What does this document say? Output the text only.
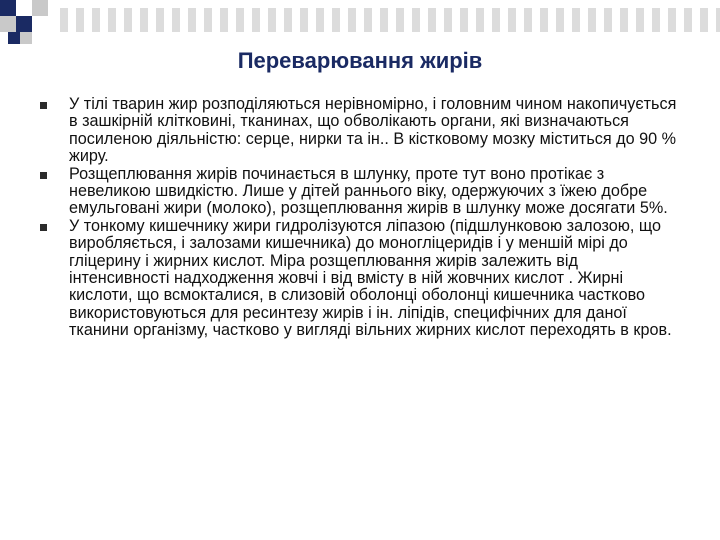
Переварювання жирів
У тілі тварин жир розподіляються нерівномірно, і головним чином накопичується в зашкірній клітковині, тканинах, що обволікають органи, які визначаються посиленою діяльністю: серце, нирки та ін.. В кістковому мозку міститься до 90 % жиру.
Розщеплювання жирів починається в шлунку, проте тут воно протікає з невеликою швидкістю. Лише у дітей раннього віку, одержуючих з їжею добре емульговані жири (молоко), розщеплювання жирів в шлунку може досягати 5%.
У тонкому кишечнику жири гидролізуются ліпазою (підшлунковою залозою, що виробляється, і залозами кишечника) до моногліцеридів і у меншій мірі до гліцерину і жирних кислот. Міра розщеплювання жирів залежить від інтенсивності надходження жовчі і від вмісту в ній жовчних кислот . Жирні кислоти, що всмокталися, в слизовій оболонці оболонці кишечника частково використовуються для ресинтезу жирів і ін. ліпідів, специфічних для даної тканини організму, частково у вигляді вільних жирних кислот переходять в кров.
